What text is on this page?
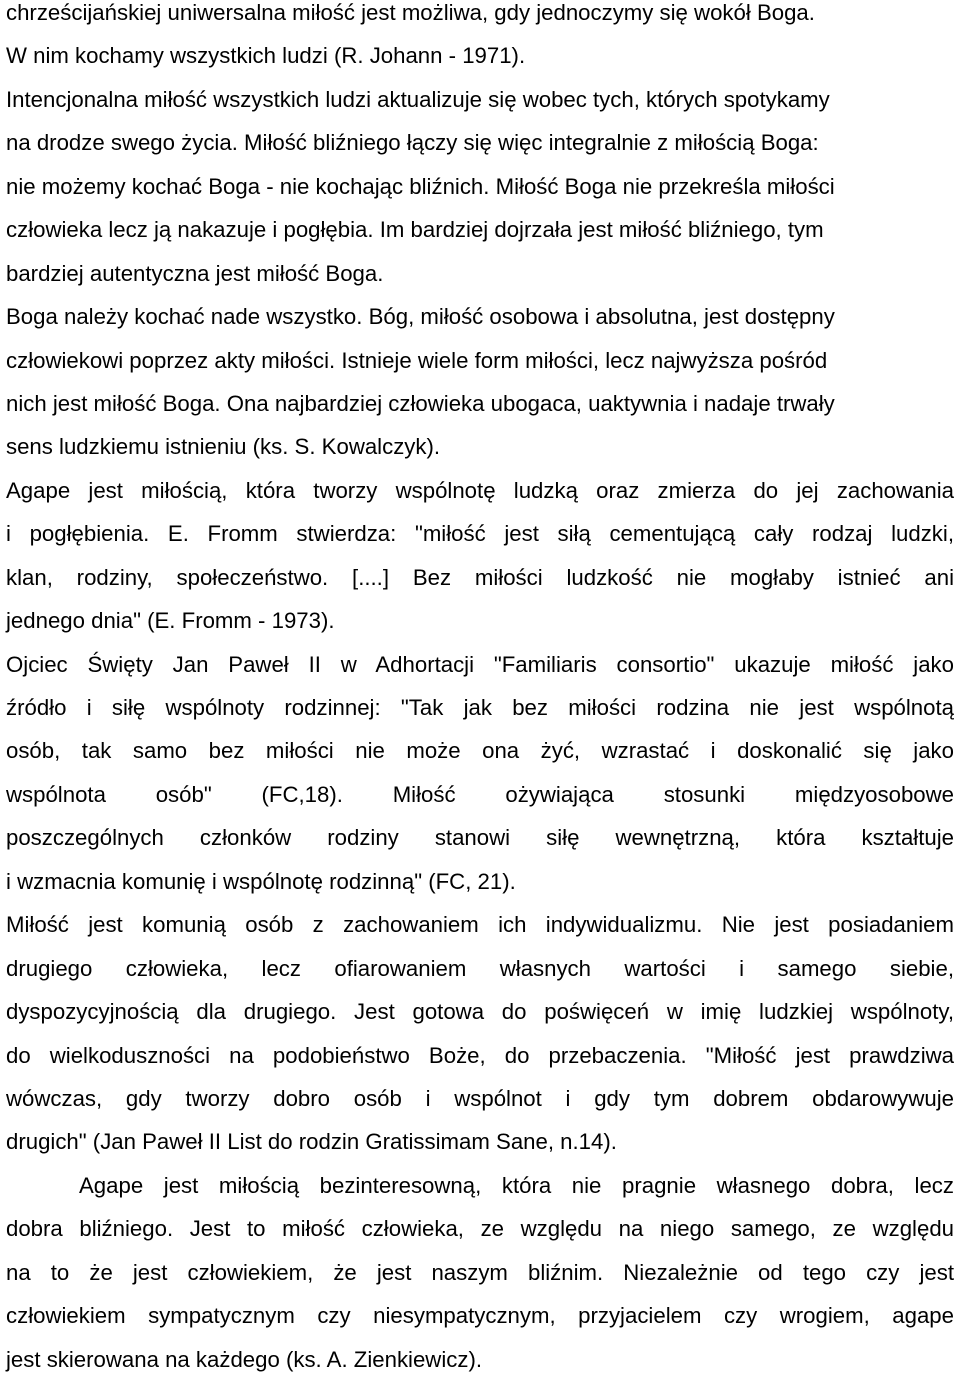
chrześcijańskiej uniwersalna miłość jest możliwa, gdy jednoczymy się wokół Boga.
W nim kochamy wszystkich ludzi (R. Johann - 1971).
Intencjonalna miłość wszystkich ludzi aktualizuje się wobec tych, których spotykamy
na drodze swego życia. Miłość bliźniego łączy się więc integralnie z miłością Boga:
nie możemy kochać Boga - nie kochając bliźnich. Miłość Boga nie przekreśla miłości
człowieka lecz ją nakazuje i pogłębia. Im bardziej dojrzała jest miłość bliźniego, tym
bardziej autentyczna jest miłość Boga.
Boga należy kochać nade wszystko. Bóg, miłość osobowa i absolutna, jest dostępny
człowiekowi poprzez akty miłości. Istnieje wiele form miłości, lecz najwyższa pośród
nich jest miłość Boga. Ona najbardziej człowieka ubogaca, uaktywnia i nadaje trwały
sens ludzkiemu istnieniu (ks. S. Kowalczyk).
Agape jest miłością, która tworzy wspólnotę ludzką oraz zmierza do jej zachowania
i pogłębienia. E. Fromm stwierdza: "miłość jest siłą cementującą cały rodzaj ludzki,
klan, rodziny, społeczeństwo. [....] Bez miłości ludzkość nie mogłaby istnieć ani
jednego dnia" (E. Fromm - 1973).
Ojciec Święty Jan Paweł II w Adhortacji "Familiaris consortio" ukazuje miłość jako
źródło i siłę wspólnoty rodzinnej: "Tak jak bez miłości rodzina nie jest wspólnotą
osób, tak samo bez miłości nie może ona żyć, wzrastać i doskonalić się jako
wspólnota osób" (FC,18). Miłość ożywiająca stosunki międzyosobowe
poszczególnych członków rodziny stanowi siłę wewnętrzną, która kształtuje
i wzmacnia komunię i wspólnotę rodzinną" (FC, 21).
Miłość jest komunią osób z zachowaniem ich indywidualizmu. Nie jest posiadaniem
drugiego człowieka, lecz ofiarowaniem własnych wartości i samego siebie,
dyspozycyjnością dla drugiego. Jest gotowa do poświęceń w imię ludzkiej wspólnoty,
do wielkoduszności na podobieństwo Boże, do przebaczenia. "Miłość jest prawdziwa
wówczas, gdy tworzy dobro osób i wspólnot i gdy tym dobrem obdarowywuje
drugich" (Jan Paweł II List do rodzin Gratissimam Sane, n.14).
Agape jest miłością bezinteresowną, która nie pragnie własnego dobra, lecz
dobra bliźniego. Jest to miłość człowieka, ze względu na niego samego, ze względu
na to że jest człowiekiem, że jest naszym bliźnim. Niezależnie od tego czy jest
człowiekiem sympatycznym czy niesympatycznym, przyjacielem czy wrogiem, agape
jest skierowana na każdego (ks. A. Zienkiewicz).
